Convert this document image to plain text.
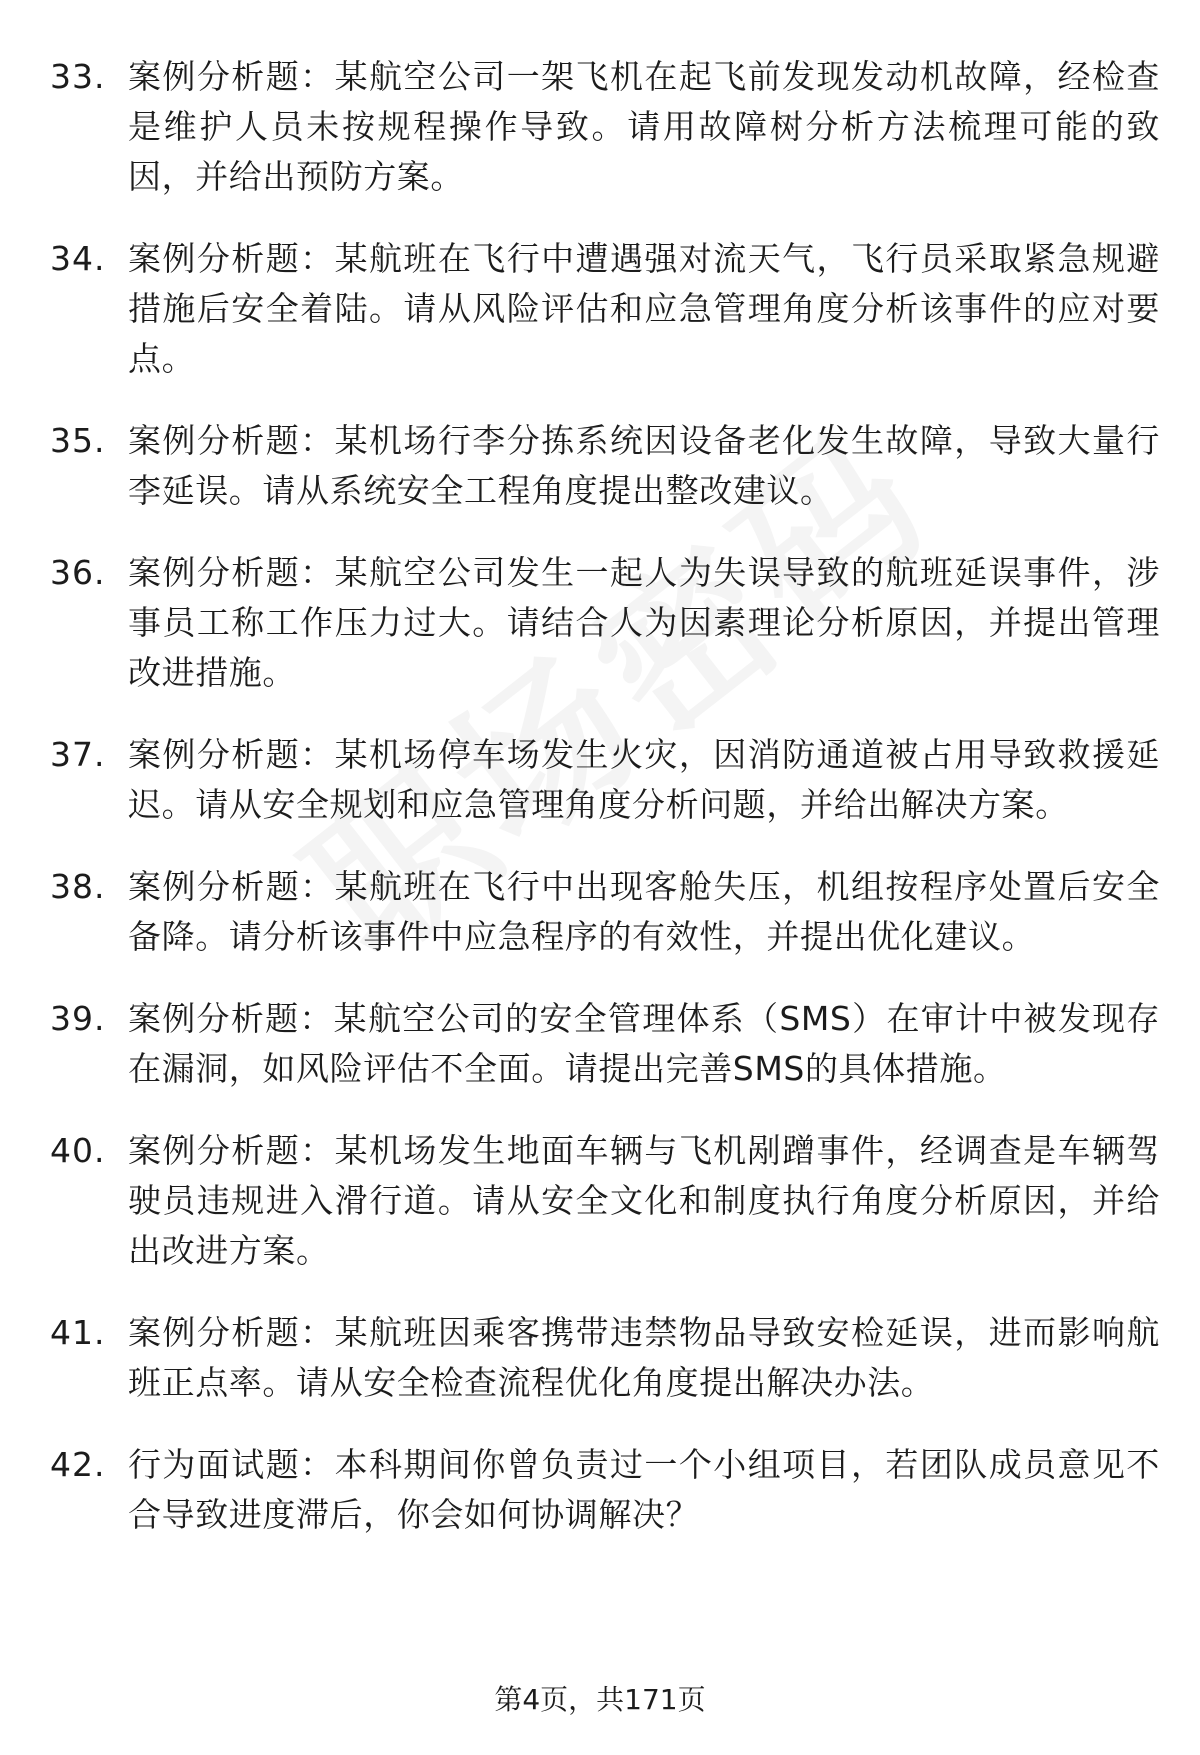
33. 案例分析题：某航空公司一架飞机在起飞前发现发动机故障，经检查是维护人员未按规程操作导致。请用故障树分析方法梳理可能的致因，并给出预防方案。
34. 案例分析题：某航班在飞行中遭遇强对流天气，飞行员采取紧急规避措施后安全着陆。请从风险评估和应急管理角度分析该事件的应对要点。
35. 案例分析题：某机场行李分拣系统因设备老化发生故障，导致大量行李延误。请从系统安全工程角度提出整改建议。
36. 案例分析题：某航空公司发生一起人为失误导致的航班延误事件，涉事员工称工作压力过大。请结合人为因素理论分析原因，并提出管理改进措施。
37. 案例分析题：某机场停车场发生火灾，因消防通道被占用导致救援延迟。请从安全规划和应急管理角度分析问题，并给出解决方案。
38. 案例分析题：某航班在飞行中出现客舱失压，机组按程序处置后安全备降。请分析该事件中应急程序的有效性，并提出优化建议。
39. 案例分析题：某航空公司的安全管理体系（SMS）在审计中被发现存在漏洞，如风险评估不全面。请提出完善SMS的具体措施。
40. 案例分析题：某机场发生地面车辆与飞机剐蹭事件，经调查是车辆驾驶员违规进入滑行道。请从安全文化和制度执行角度分析原因，并给出改进方案。
41. 案例分析题：某航班因乘客携带违禁物品导致安检延误，进而影响航班正点率。请从安全检查流程优化角度提出解决办法。
42. 行为面试题：本科期间你曾负责过一个小组项目，若团队成员意见不合导致进度滞后，你会如何协调解决？
第4页，共171页
